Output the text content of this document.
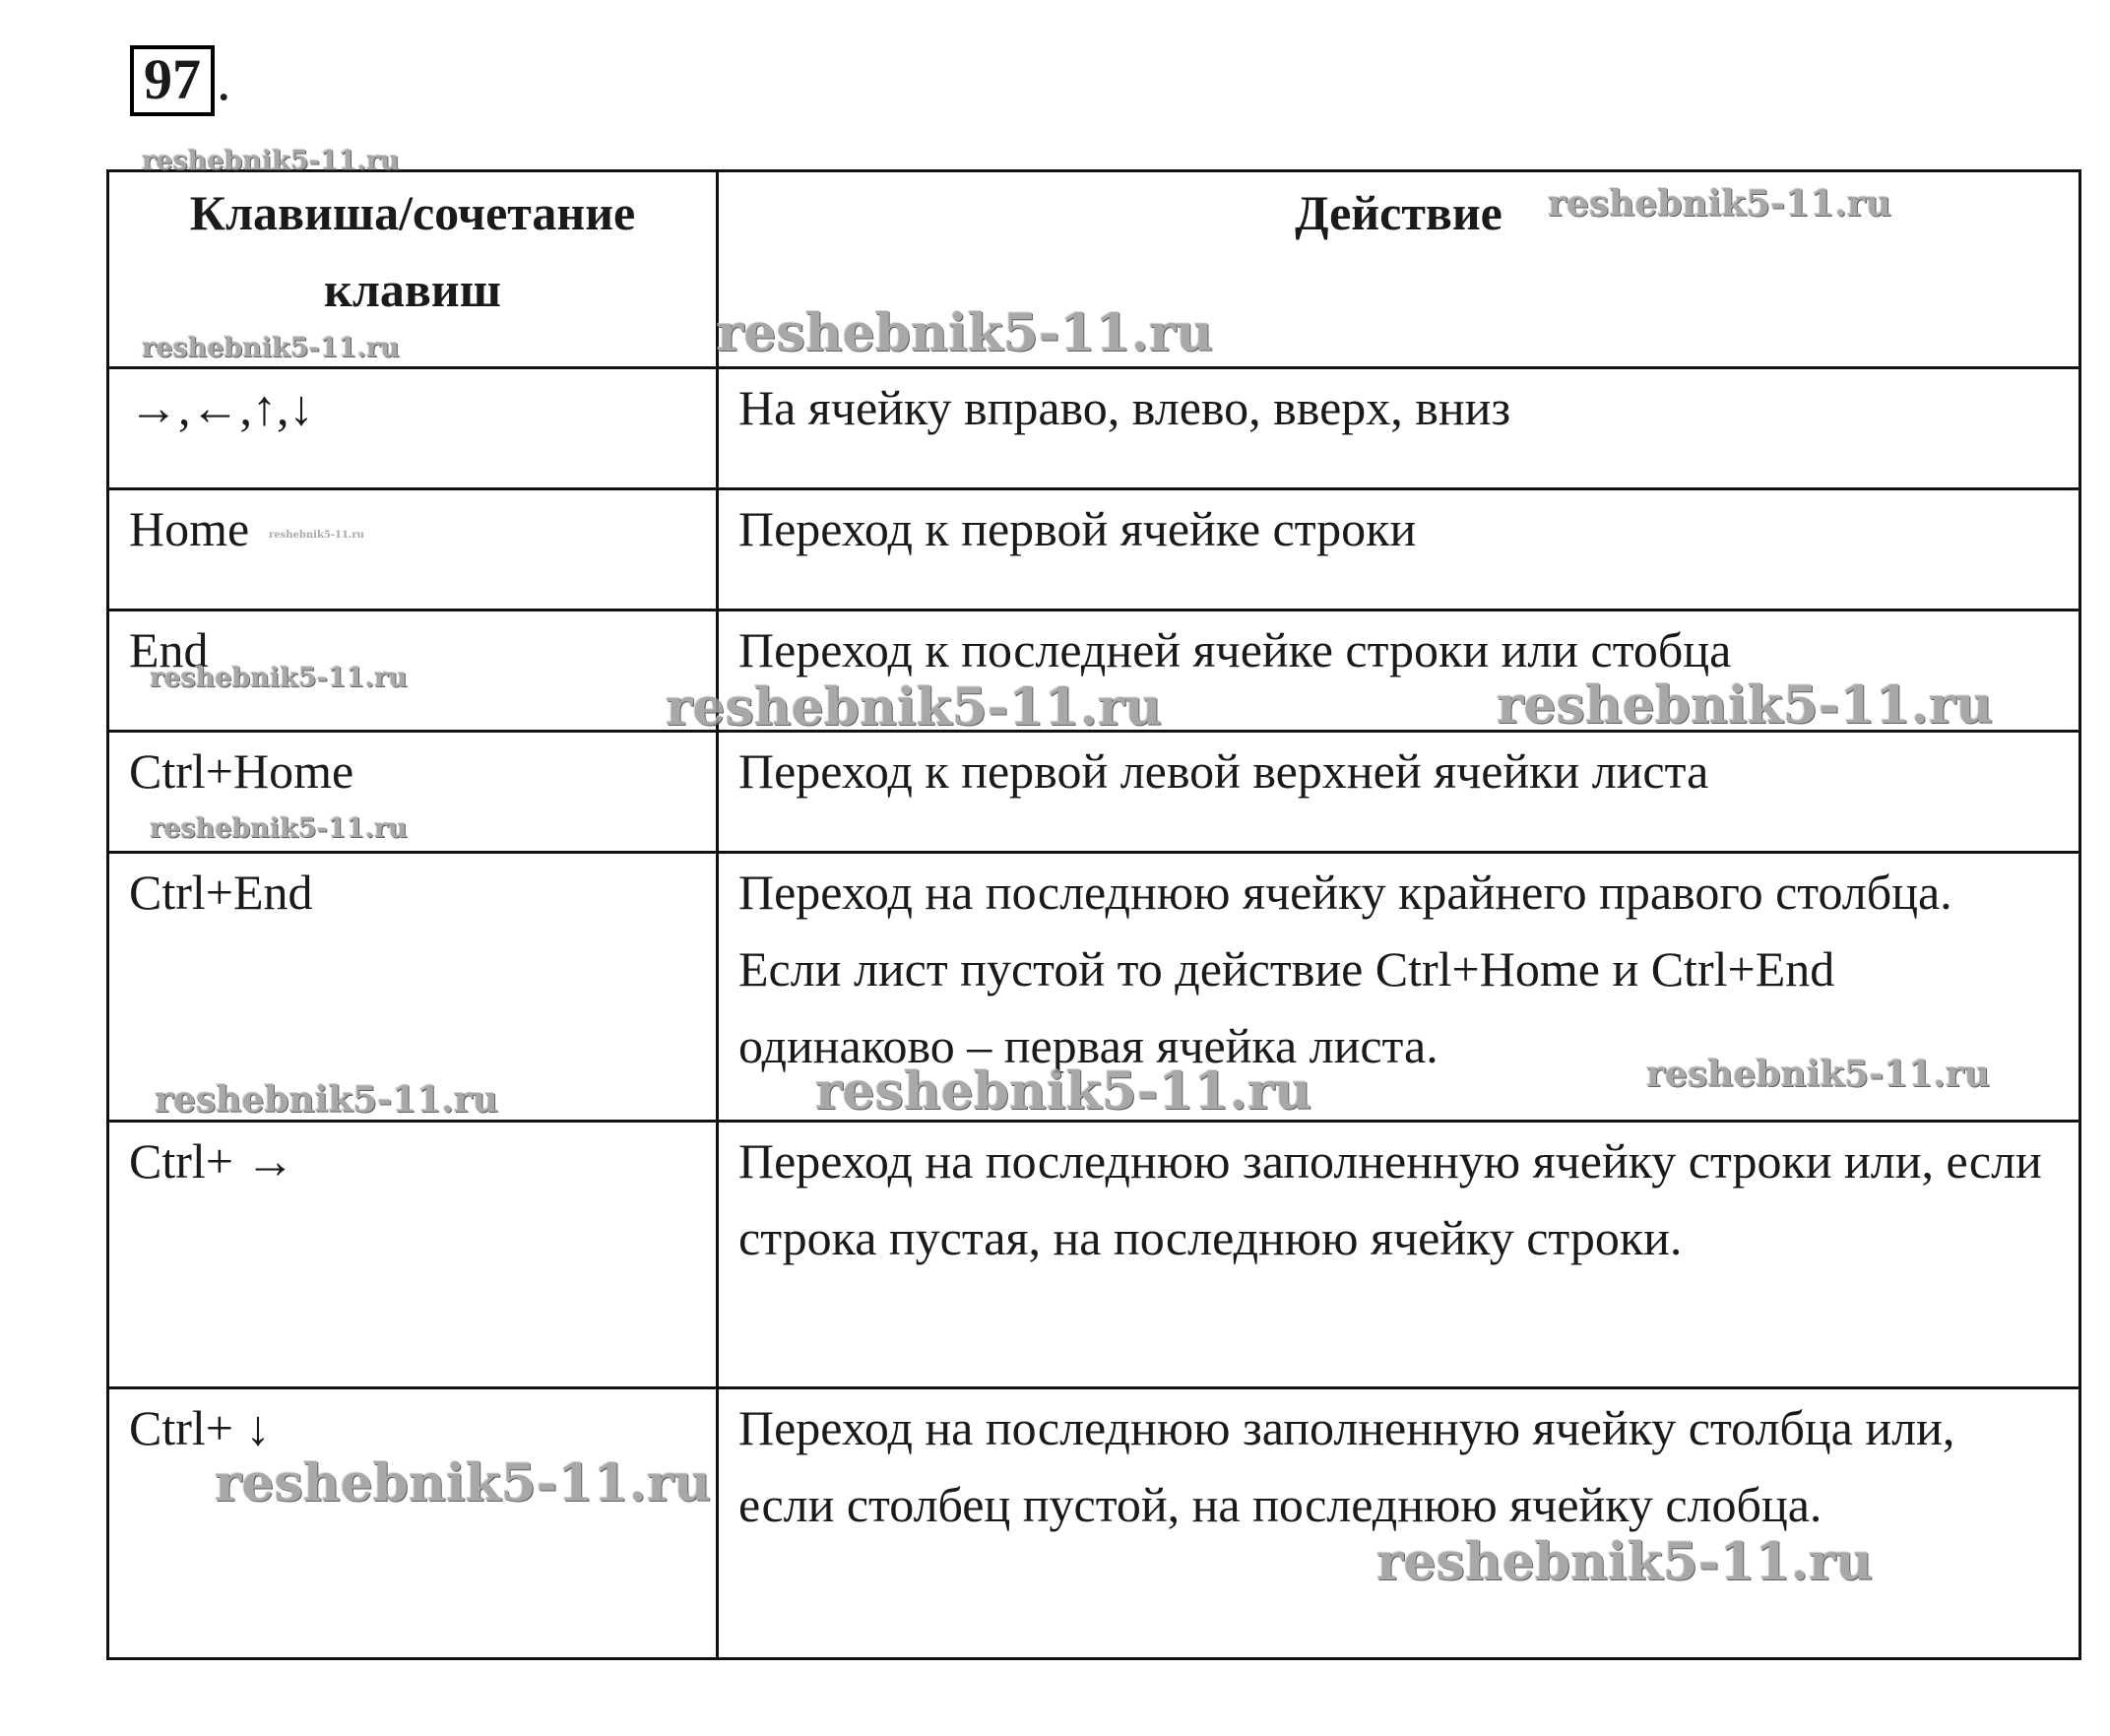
97 .
Клавиша/сочетание клавиш	Действие
→,←,↑,↓	На ячейку вправо, влево, вверх, вниз
Home	Переход к первой ячейке строки
End	Переход к последней ячейке строки или стобца
Ctrl+Home	Переход к первой левой верхней ячейки листа
Ctrl+End	Переход на последнюю ячейку крайнего правого столбца. Если лист пустой то действие Ctrl+Home и Ctrl+End одинаково – первая ячейка листа.
Ctrl+ →	Переход на последнюю заполненную ячейку строки или, если строка пустая, на последнюю ячейку строки.
Ctrl+ ↓	Переход на последнюю заполненную ячейку столбца или, если столбец пустой, на последнюю ячейку слобца.
reshebnik5-11.ru
reshebnik5-11.ru
reshebnik5-11.ru	reshebnik5-11.ru
reshebnik5-11.ru
reshebnik5-11.ru	reshebnik5-11.ru	reshebnik5-11.ru
reshebnik5-11.ru
reshebnik5-11.ru	reshebnik5-11.ru	reshebnik5-11.ru
reshebnik5-11.ru
reshebnik5-11.ru
